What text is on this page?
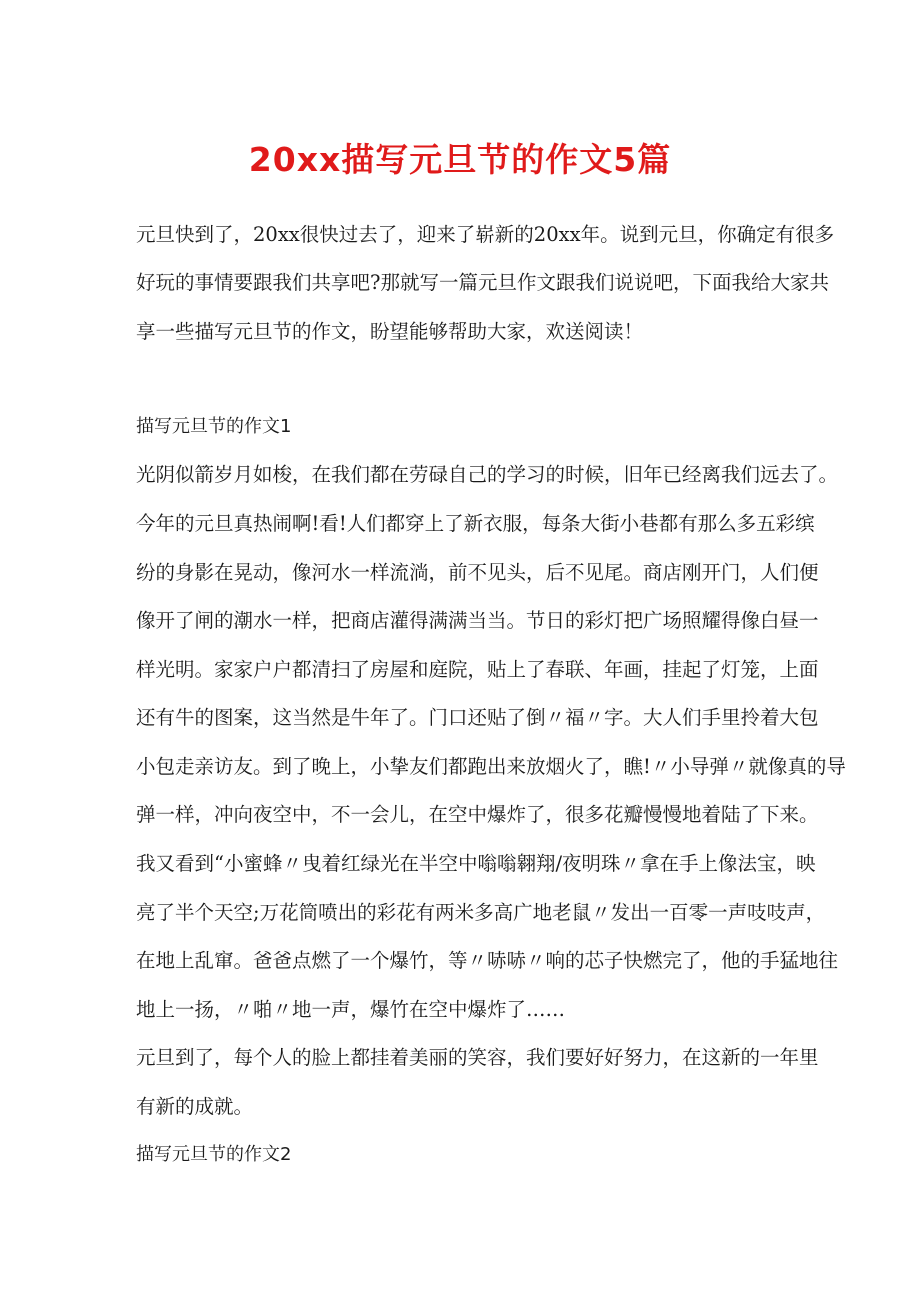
20xx描写元旦节的作文5篇

元旦快到了，20xx很快过去了，迎来了崭新的20xx年。说到元旦，你确定有很多

好玩的事情要跟我们共享吧?那就写一篇元旦作文跟我们说说吧，下面我给大家共

享一些描写元旦节的作文，盼望能够帮助大家，欢送阅读！

描写元旦节的作文1

光阴似箭岁月如梭，在我们都在劳碌自己的学习的时候，旧年已经离我们远去了。

今年的元旦真热闹啊!看!人们都穿上了新衣服，每条大街小巷都有那么多五彩缤

纷的身影在晃动，像河水一样流淌，前不见头，后不见尾。商店刚开门，人们便

像开了闸的潮水一样，把商店灌得满满当当。节日的彩灯把广场照耀得像白昼一

样光明。家家户户都清扫了房屋和庭院，贴上了春联、年画，挂起了灯笼，上面

还有牛的图案，这当然是牛年了。门口还贴了倒〃福〃字。大人们手里拎着大包

小包走亲访友。到了晚上，小挚友们都跑出来放烟火了，瞧!〃小导弹〃就像真的导

弹一样，冲向夜空中，不一会儿，在空中爆炸了，很多花瓣慢慢地着陆了下来。

我又看到“小蜜蜂〃曳着红绿光在半空中嗡嗡翱翔/夜明珠〃拿在手上像法宝，映

亮了半个天空;万花筒喷出的彩花有两米多高广地老鼠〃发出一百零一声吱吱声，

在地上乱窜。爸爸点燃了一个爆竹，等〃哧哧〃响的芯子快燃完了，他的手猛地往

地上一扬，〃啪〃地一声，爆竹在空中爆炸了……

元旦到了，每个人的脸上都挂着美丽的笑容，我们要好好努力，在这新的一年里

有新的成就。

描写元旦节的作文2
